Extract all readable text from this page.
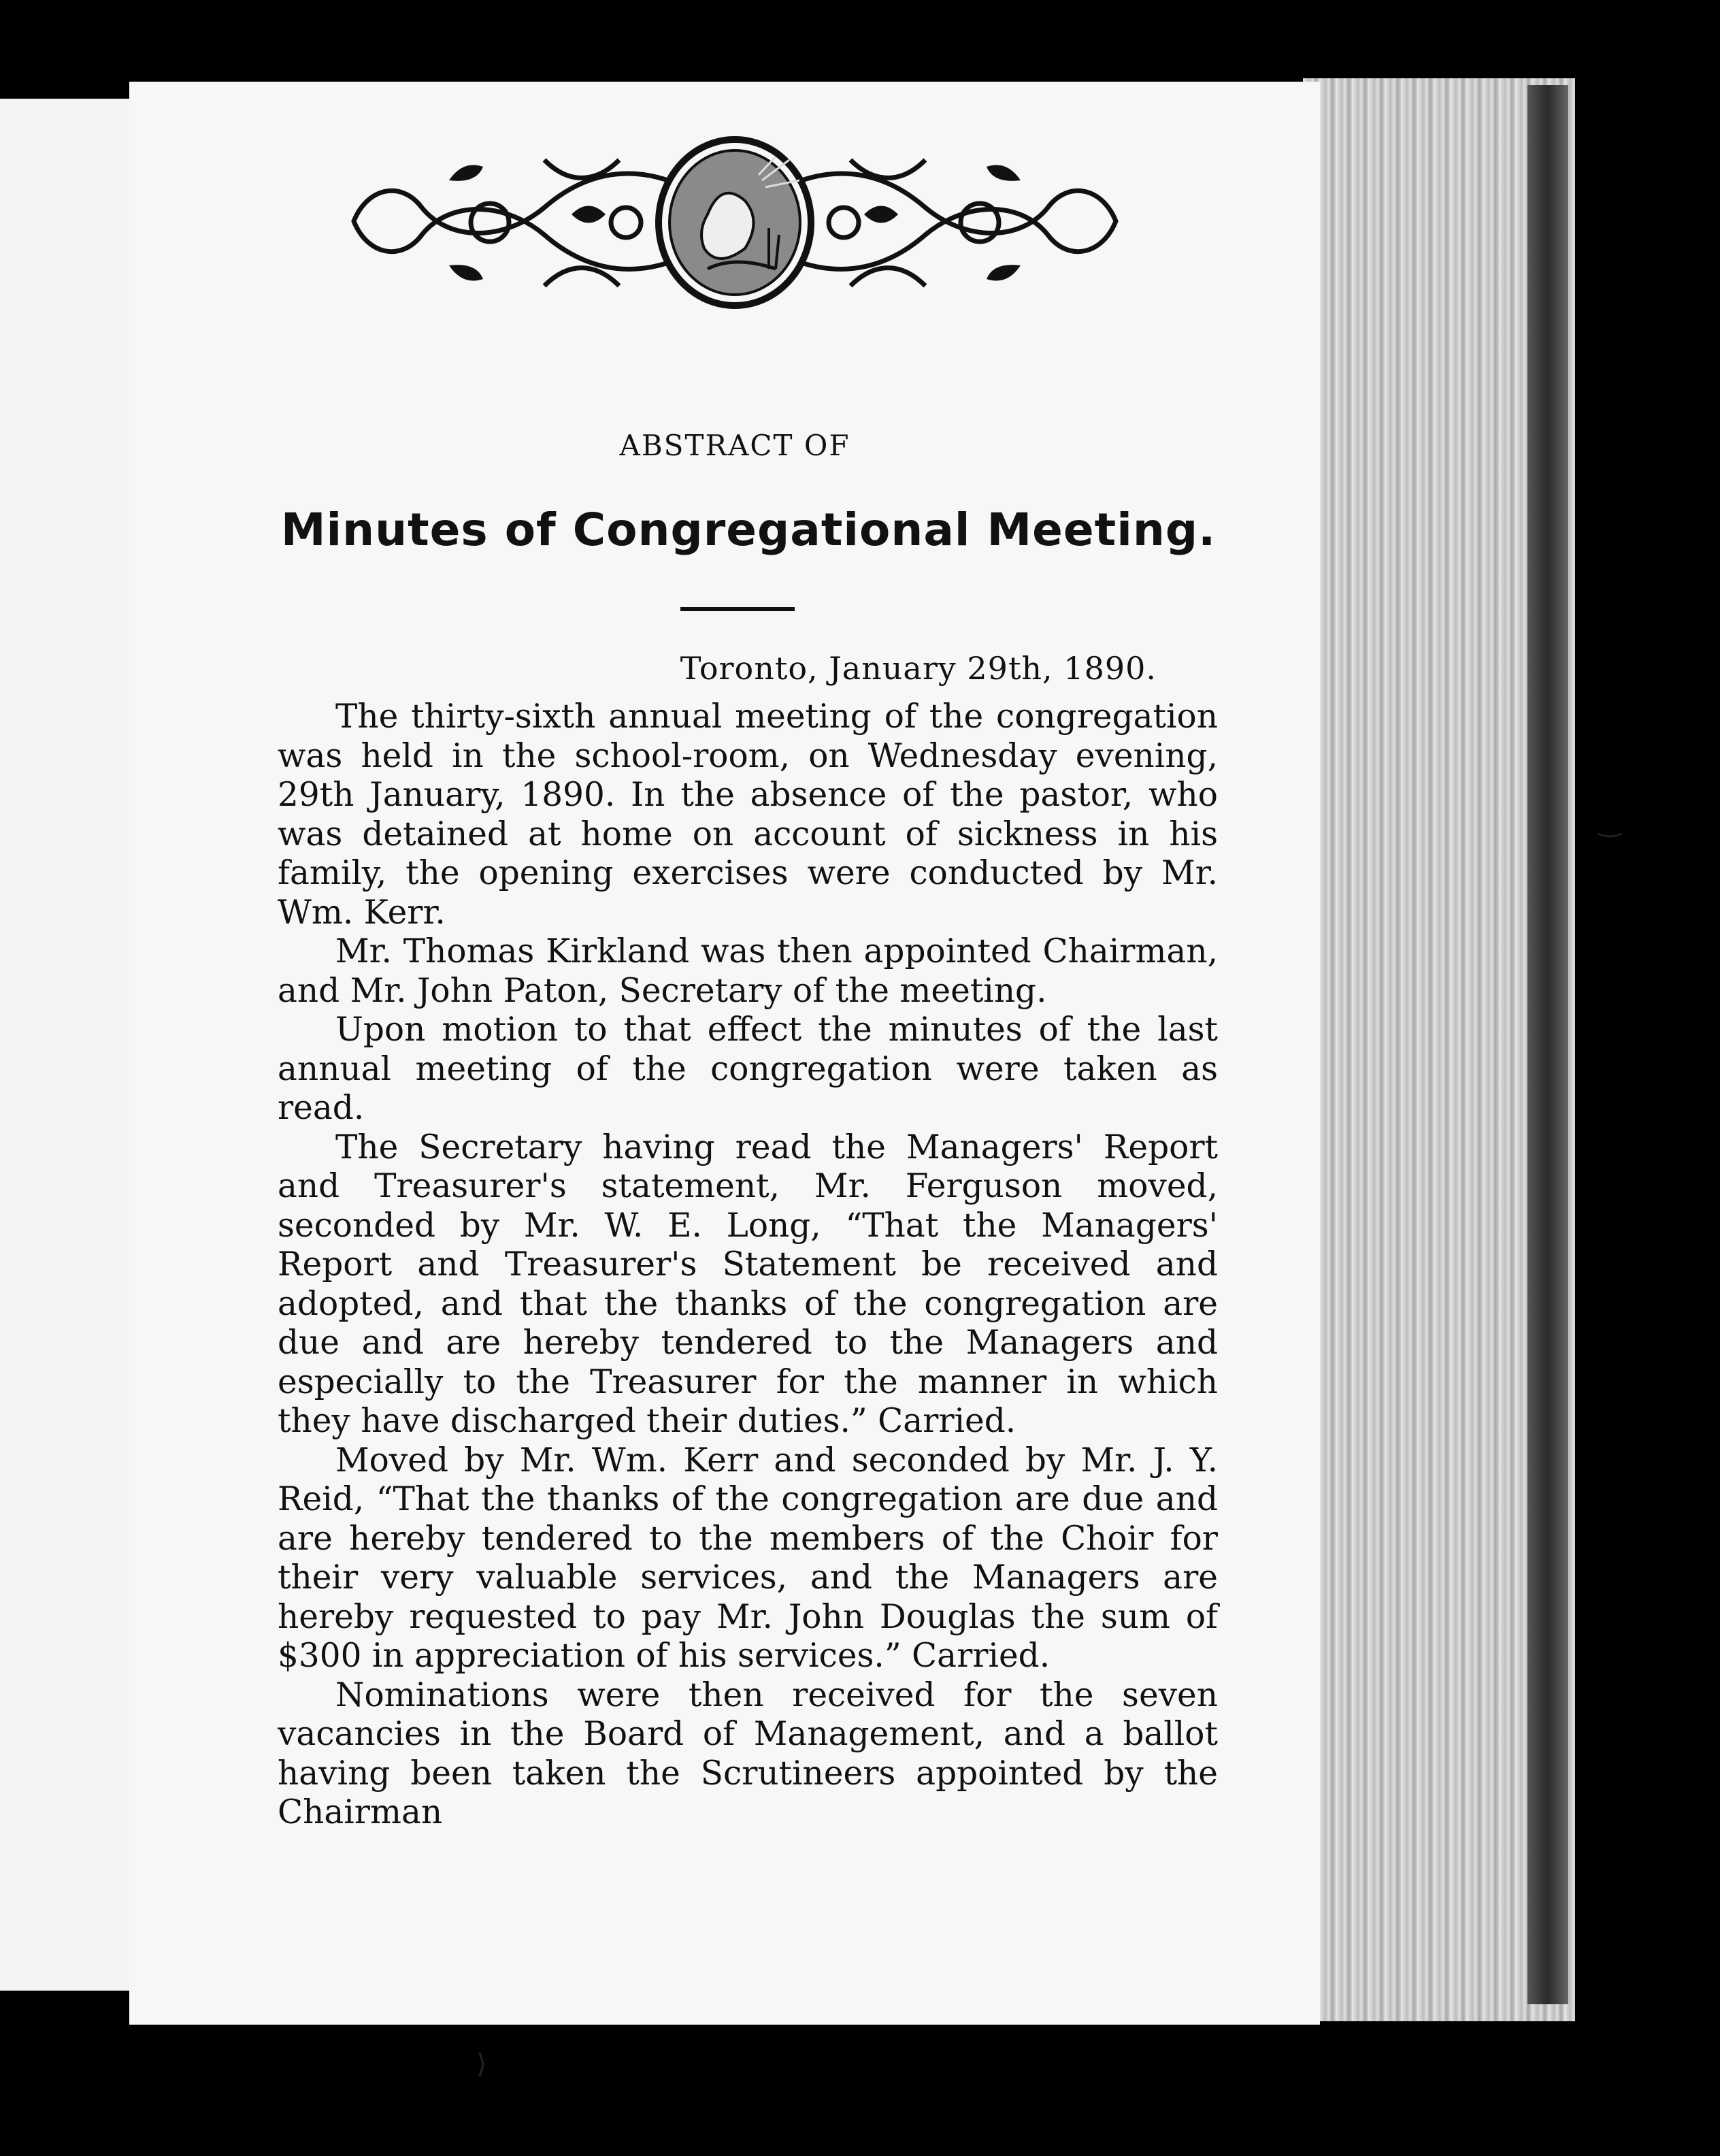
ABSTRACT OF
Minutes of Congregational Meeting.
Toronto, January 29th, 1890.

The thirty-sixth annual meeting of the congregation was held in the school-room, on Wednesday evening, 29th January, 1890. In the absence of the pastor, who was detained at home on account of sickness in his family, the opening exercises were conducted by Mr. Wm. Kerr.

Mr. Thomas Kirkland was then appointed Chairman, and Mr. John Paton, Secretary of the meeting.

Upon motion to that effect the minutes of the last annual meeting of the congregation were taken as read.

The Secretary having read the Managers' Report and Treasurer's statement, Mr. Ferguson moved, seconded by Mr. W. E. Long, “That the Managers' Report and Treasurer's Statement be received and adopted, and that the thanks of the congregation are due and are hereby tendered to the Managers and especially to the Treasurer for the manner in which they have discharged their duties.” Carried.

Moved by Mr. Wm. Kerr and seconded by Mr. J. Y. Reid, “That the thanks of the congregation are due and are hereby tendered to the members of the Choir for their very valuable services, and the Managers are hereby requested to pay Mr. John Douglas the sum of $300 in appreciation of his services.” Carried.

Nominations were then received for the seven vacancies in the Board of Management, and a ballot having been taken the Scrutineers appointed by the Chairman

‿
⟩
